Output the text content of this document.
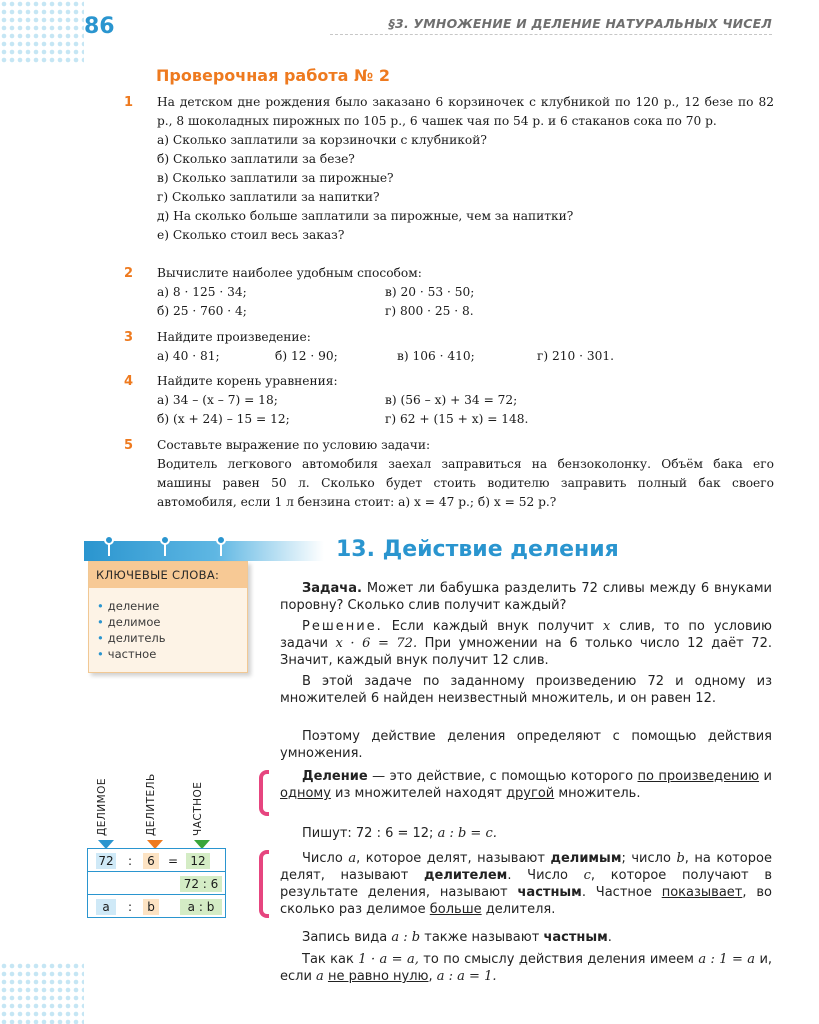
86	§3. УМНОЖЕНИЕ И ДЕЛЕНИЕ НАТУРАЛЬНЫХ ЧИСЕЛ
Проверочная работа № 2
1 На детском дне рождения было заказано 6 корзиночек с клубникой по 120 р., 12 безе по 82 р., 8 шоколадных пирожных по 105 р., 6 чашек чая по 54 р. и 6 стаканов сока по 70 р.
а) Сколько заплатили за корзиночки с клубникой?
б) Сколько заплатили за безе?
в) Сколько заплатили за пирожные?
г) Сколько заплатили за напитки?
д) На сколько больше заплатили за пирожные, чем за напитки?
е) Сколько стоил весь заказ?
2 Вычислите наиболее удобным способом:
а) 8 · 125 · 34;	в) 20 · 53 · 50;
б) 25 · 760 · 4;	г) 800 · 25 · 8.
3 Найдите произведение:
а) 40 · 81;	б) 12 · 90;	в) 106 · 410;	г) 210 · 301.
4 Найдите корень уравнения:
а) 34 – (x – 7) = 18;	в) (56 – x) + 34 = 72;
б) (x + 24) – 15 = 12;	г) 62 + (15 + x) = 148.
5 Составьте выражение по условию задачи:
Водитель легкового автомобиля заехал заправиться на бензоколонку. Объём бака его машины равен 50 л. Сколько будет стоить водителю заправить полный бак своего автомобиля, если 1 л бензина стоит: а) x = 47 р.; б) x = 52 р.?
КЛЮЧЕВЫЕ СЛОВА:
• деление
• делимое
• делитель
• частное
13. Действие деления
Задача. Может ли бабушка разделить 72 сливы между 6 внуками поровну? Сколько слив получит каждый?
Решение. Если каждый внук получит x слив, то по условию задачи x · 6 = 72. При умножении на 6 только число 12 даёт 72. Значит, каждый внук получит 12 слив.
В этой задаче по заданному произведению 72 и одному из множителей 6 найден неизвестный множитель, и он равен 12.
Поэтому действие деления определяют с помощью действия умножения.
Деление — это действие, с помощью которого по произведению и одному из множителей находят другой множитель.
Пишут: 72 : 6 = 12; a : b = c.
Число a, которое делят, называют делимым; число b, на которое делят, называют делителем. Число c, которое получают в результате деления, называют частным. Частное показывает, во сколько раз делимое больше делителя.
Запись вида a : b также называют частным.
Так как 1 · a = a, то по смыслу действия деления имеем a : 1 = a и, если a не равно нулю, a : a = 1.
ДЕЛИМОЕ	ДЕЛИТЕЛЬ	ЧАСТНОЕ
72 :	6	=	12
72 : 6
a	:	b	a : b
